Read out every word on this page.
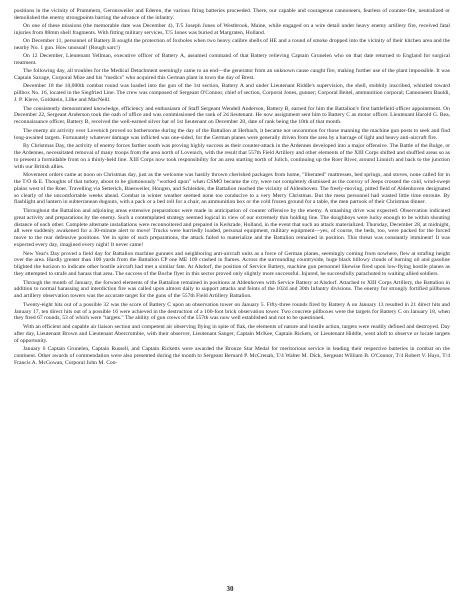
positions in the vicinity of Prummern, Geronsweiler and Ederen, the various firing batteries proceeded. There, our capable and courageous cannoneers, fearless of counter-fire, neutralized or demolished the enemy strongpoints barring the advance of the infantry.

On one of these missions (the memorable date was December 4), T/5 Joseph Jones of Westbrook, Maine, while engaged on a wire detail under heavy enemy artillery fire, received fatal injuries from 88mm shell fragments. With fitting military services, T/5 Jones was buried at Margraten, Holland.

On December 11, personnel of Battery B sought the protection of foxholes when two heavy calibre shells of HE and a round of smoke dropped into the vicinity of their kitchen area and the nearby No. 1 gun. How unusual! (Rough sarc!)

On 12 December, Lieutenant Yellman, executive officer of Battery A, assumed command of that Battery relieving Captain Grunelen who on that date returned to England for surgical treatment.

The following day, all troubles for the Medical Detachment seemingly came to an end—the generator from an unknown cause caught fire, making further use of the plant impossible. It was Captain Savage, Corporal Mize and his "medics" who acquired this German plant in town the day of Brest.

December 18 the 10,000th combat round was loaded into the gun of the 1st section, Battery A and under Lieutenant Riddle's supervision, the shell, stubbily inscribed, whistled toward pillbox No. 16, located in the Siegfried Line. The crew was composed of Sergeant O'Connor, chief of section, Corporal Jones, gunner; Corporal Beitel, ammunition corporal; Cannoneers Bauldi, J. P. Kleve, Goldstein, Lilke and MacNeill.

The consistently demonstrated knowledge, efficiency and enthusiasm of Staff Sergeant Wendell Anderson, Battery B, earned for him the Battalion's first battlefield officer appointment. On December 22, Sergeant Anderson took the oath of office and was commissioned the rank of 2d lieutenant. He now assignment sent him to Battery C as motor officer. Lieutenant Harold G. Rea, reconnaissance officer, Battery B, received the well-earned silver bar of 1st lieutenant on December 20, date of rank being the 10th of that month.

The enemy air activity over Lovenich proved so bothersome during the day of the Battalion at Herbach, it became not uncommon for those manning the machine gun posts to seek and find long-awaited targets. Fortunately whatever damage was inflicted was one-sided, for the German planes were generally driven from the area by a barrage of light and heavy anti-aircraft fire.

By Christmas Day, the activity of enemy forces farther south was proving highly success as their counter-attack in the Ardennes developed into a major offensive. The Battle of the Bulge, or the Ardennes, necessitated removal of many troops from the area north of Lovenich, with the result that 557th Field Artillery and other elements of the XIII Corps shifted and shuffled areas so as to present a formidable front on a thinly-held line. XIII Corps now took responsibility for an area starting north of Julich, continuing up the Roer River, around Linnich and back to the junction with our British allies.

Movement orders came at noon on Christmas day, just as the welcome was hastily thrown cherished packages from home, "liberated" mattresses, bed springs, and stoves, none called for in the T/O & E. Thoughts of that turkey, about to be gluttonously "worked upon" when CSMO became the cry, were not completely dismissed as the convoy of Jeeps crossed the cold, wind-swept plains west of the Roer. Travelling via Setterich, Baesweiler, Hongen, and Schleiden, the Battalion reached the vicinity of Aldenhoven. The freely-moving, pitted field of Aldenhoven designated so clearly of the uncomfortable weeks ahead. Combat in winter weather seemed none too conducive to a very Merry Christmas. But the mess personnel had wasted little time enroute. By flashlight and lantern in subterranean dugouts, with a pack or a bed roll for a chair, an ammunition box or the cold frozen ground for a table, the men partook of their Christmas dinner.

Throughout the Battalion and adjoining areas extensive preparations were made in anticipation of counter offensive by the enemy. A smashing drive was expected. Observation indicated great activity and preparations by the enemy. Such a contemplated strategy seemed logical in view of our extremely thin holding line. The doughboys were lucky enough to be within shouting distance of each other. Complete alternate installations were reconnoitered and prepared in Kerkrade, Holland, in the event that such an attack materialized. Thursday, December 28, at midnight, all were suddenly awakened for a 30-minute alert to move! Trucks were hurriedly loaded, personal equipment, military equipment—yes, of course, the beds, too, were packed for the forced move to the rear defensive positions. Yet in spite of such preparations, the attack failed to materialize and the Battalion remained in position. This threat was constantly imminent! It was expected every day, imagined every night! It never came!

New Year's Day proved a field day for Battalion machine gunners and neighboring anti-aircraft units as a force of German planes, seemingly coming from nowhere, flew at strafing height over the area. Hardly greater than 100 yards from the Battalion CP one ME 109 crashed in flames. Across the surrounding countryside, huge black billowy clouds of burning oil and gasoline blighted the horizon to indicate other hostile aircraft had met a similar fate. At Alsdorf, the position of Service Battery, machine gun personnel likewise fired upon low-flying hostile planes as they attempted to strafe and harass that area. The success of the Boche flyer in this sector proved only slightly more successful. Injured, he successfully parachuted to waiting allied soldiers.

Through the month of January, the forward elements of the Battalion remained in positions at Aldenhoven with Service Battery at Alsdorf. Attached to XIII Corps Artillery, the Battalion in addition to normal harassing and interdiction fire was called upon almost daily to support attacks and feints of the 102d and 30th Infantry divisions. The enemy for strongly fortified pillboxes and artillery observation towers was the accurate target for the guns of the 557th Field Artillery Battalion.

Twenty-eight hits out of a possible 32 was the score of Battery C upon an observation tower on January 5. Fifty-three rounds fired by Battery A on January 13 resulted in 21 direct hits and January 17, ten direct hits out of a possible 16 were achieved in the destruction of a 100-foot brick observation tower. Two concrete pillboxes were the targets for Battery C on January 18, when they fired 67 rounds, 53 of which were "targets." The ability of gun crews of the 557th was now well established and not to be questioned.

With an efficient and capable air liaison section and competent air observing flying in spite of flak, the elements of nature and hostile action, targets were readily defined and destroyed. Day after day, Lieutenant Brown and Lieutenant Abercrombie, with their observer, Lieutenant Sanger, Captain McKee, Captain Rickets, or Lieutenant Hiddle, went aloft to observe or locate targets of opportunity.

January 6 Captain Grunelen, Captain Russell, and Captain Ricketts were awarded the Bronze Star Medal for meritorious service in leading their respective batteries in combat on the continent. Other awards of commendation were also presented during the month to Sergeant Bernard P. McCrenah, T/4 Walter M. Dick, Sergeant William B. O'Connor, T/4 Robert V. Hays, T/4 Francis A. McGowan, Corporal John M. Con-

30
